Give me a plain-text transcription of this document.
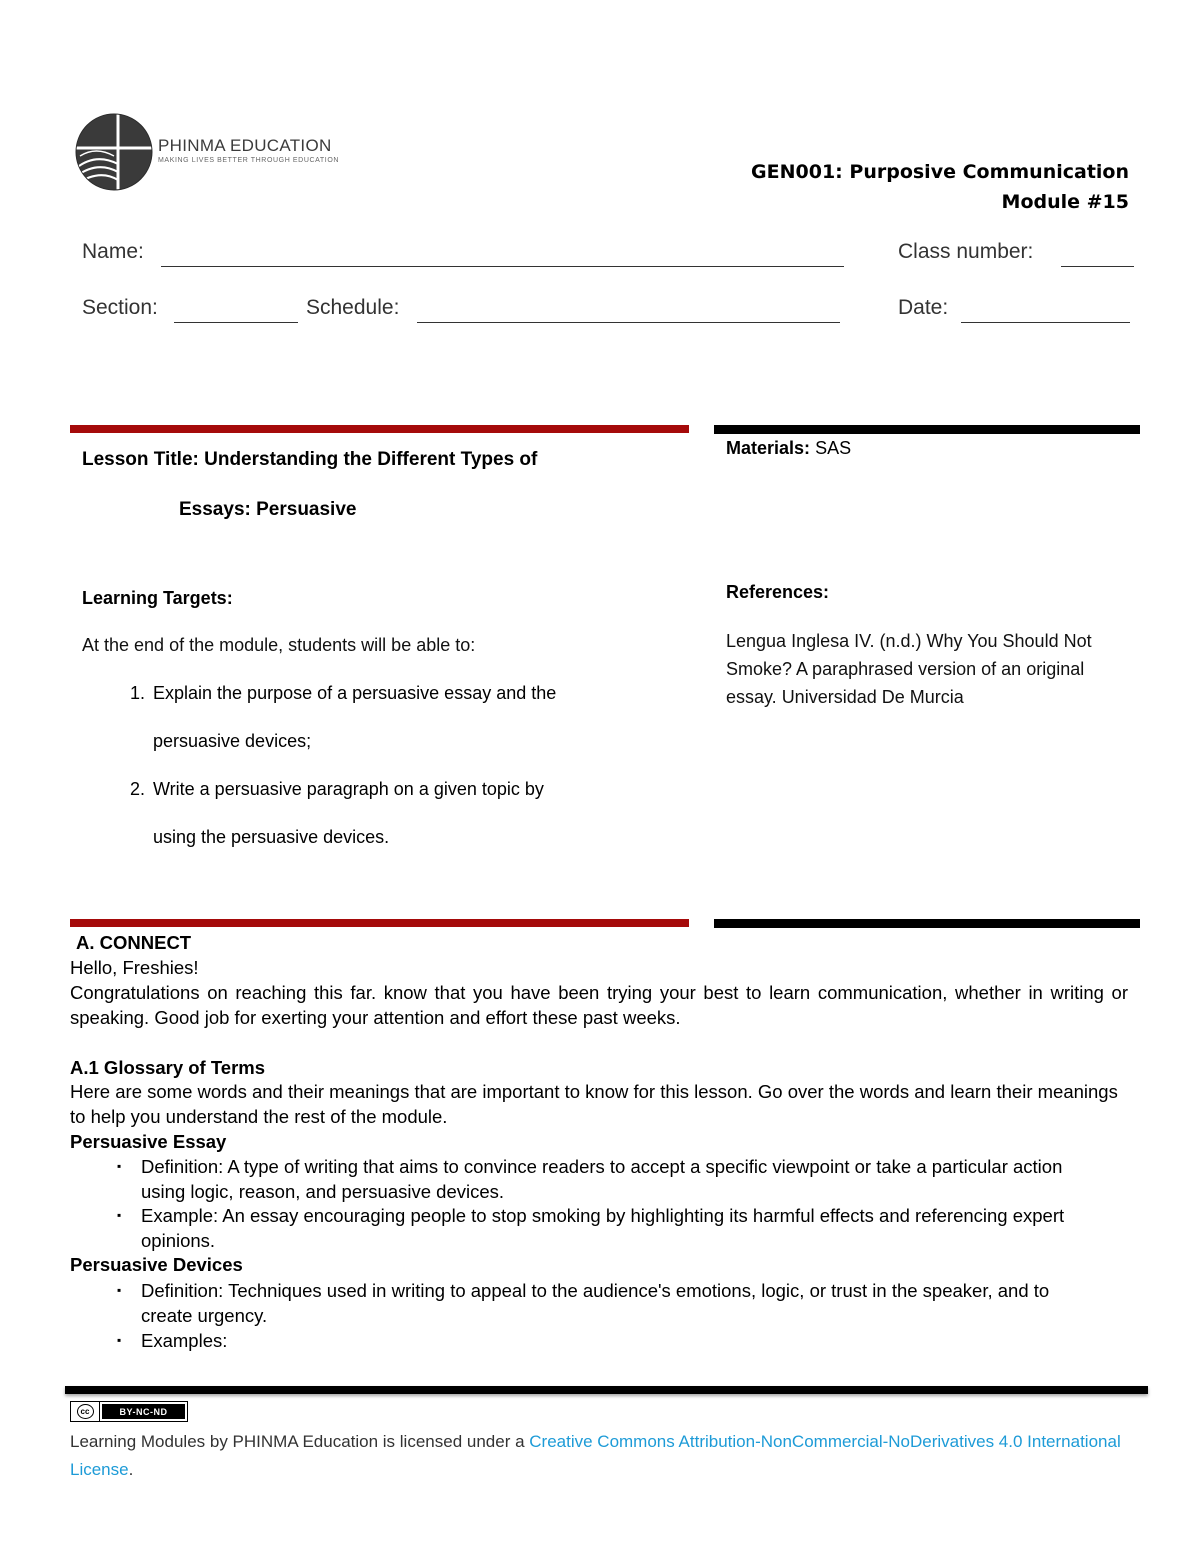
PHINMA EDUCATION
MAKING LIVES BETTER THROUGH EDUCATION
GEN001: Purposive Communication
Module #15
Name:	Class number:
Section:	Schedule:	Date:
Lesson Title: Understanding the Different Types of
Essays: Persuasive
Materials: SAS
Learning Targets:
At the end of the module, students will be able to:
1. Explain the purpose of a persuasive essay and the
persuasive devices;
2. Write a persuasive paragraph on a given topic by
using the persuasive devices.
References:
Lengua Inglesa IV. (n.d.) Why You Should Not Smoke? A paraphrased version of an original essay. Universidad De Murcia
A. CONNECT
Hello, Freshies!
Congratulations on reaching this far. know that you have been trying your best to learn communication, whether in writing or speaking. Good job for exerting your attention and effort these past weeks.
A.1 Glossary of Terms
Here are some words and their meanings that are important to know for this lesson. Go over the words and learn their meanings to help you understand the rest of the module.
Persuasive Essay
▪ Definition: A type of writing that aims to convince readers to accept a specific viewpoint or take a particular action using logic, reason, and persuasive devices.
▪ Example: An essay encouraging people to stop smoking by highlighting its harmful effects and referencing expert opinions.
Persuasive Devices
▪ Definition: Techniques used in writing to appeal to the audience's emotions, logic, or trust in the speaker, and to create urgency.
▪ Examples:
cc	BY-NC-ND
Learning Modules by PHINMA Education is licensed under a Creative Commons Attribution-NonCommercial-NoDerivatives 4.0 International License.
